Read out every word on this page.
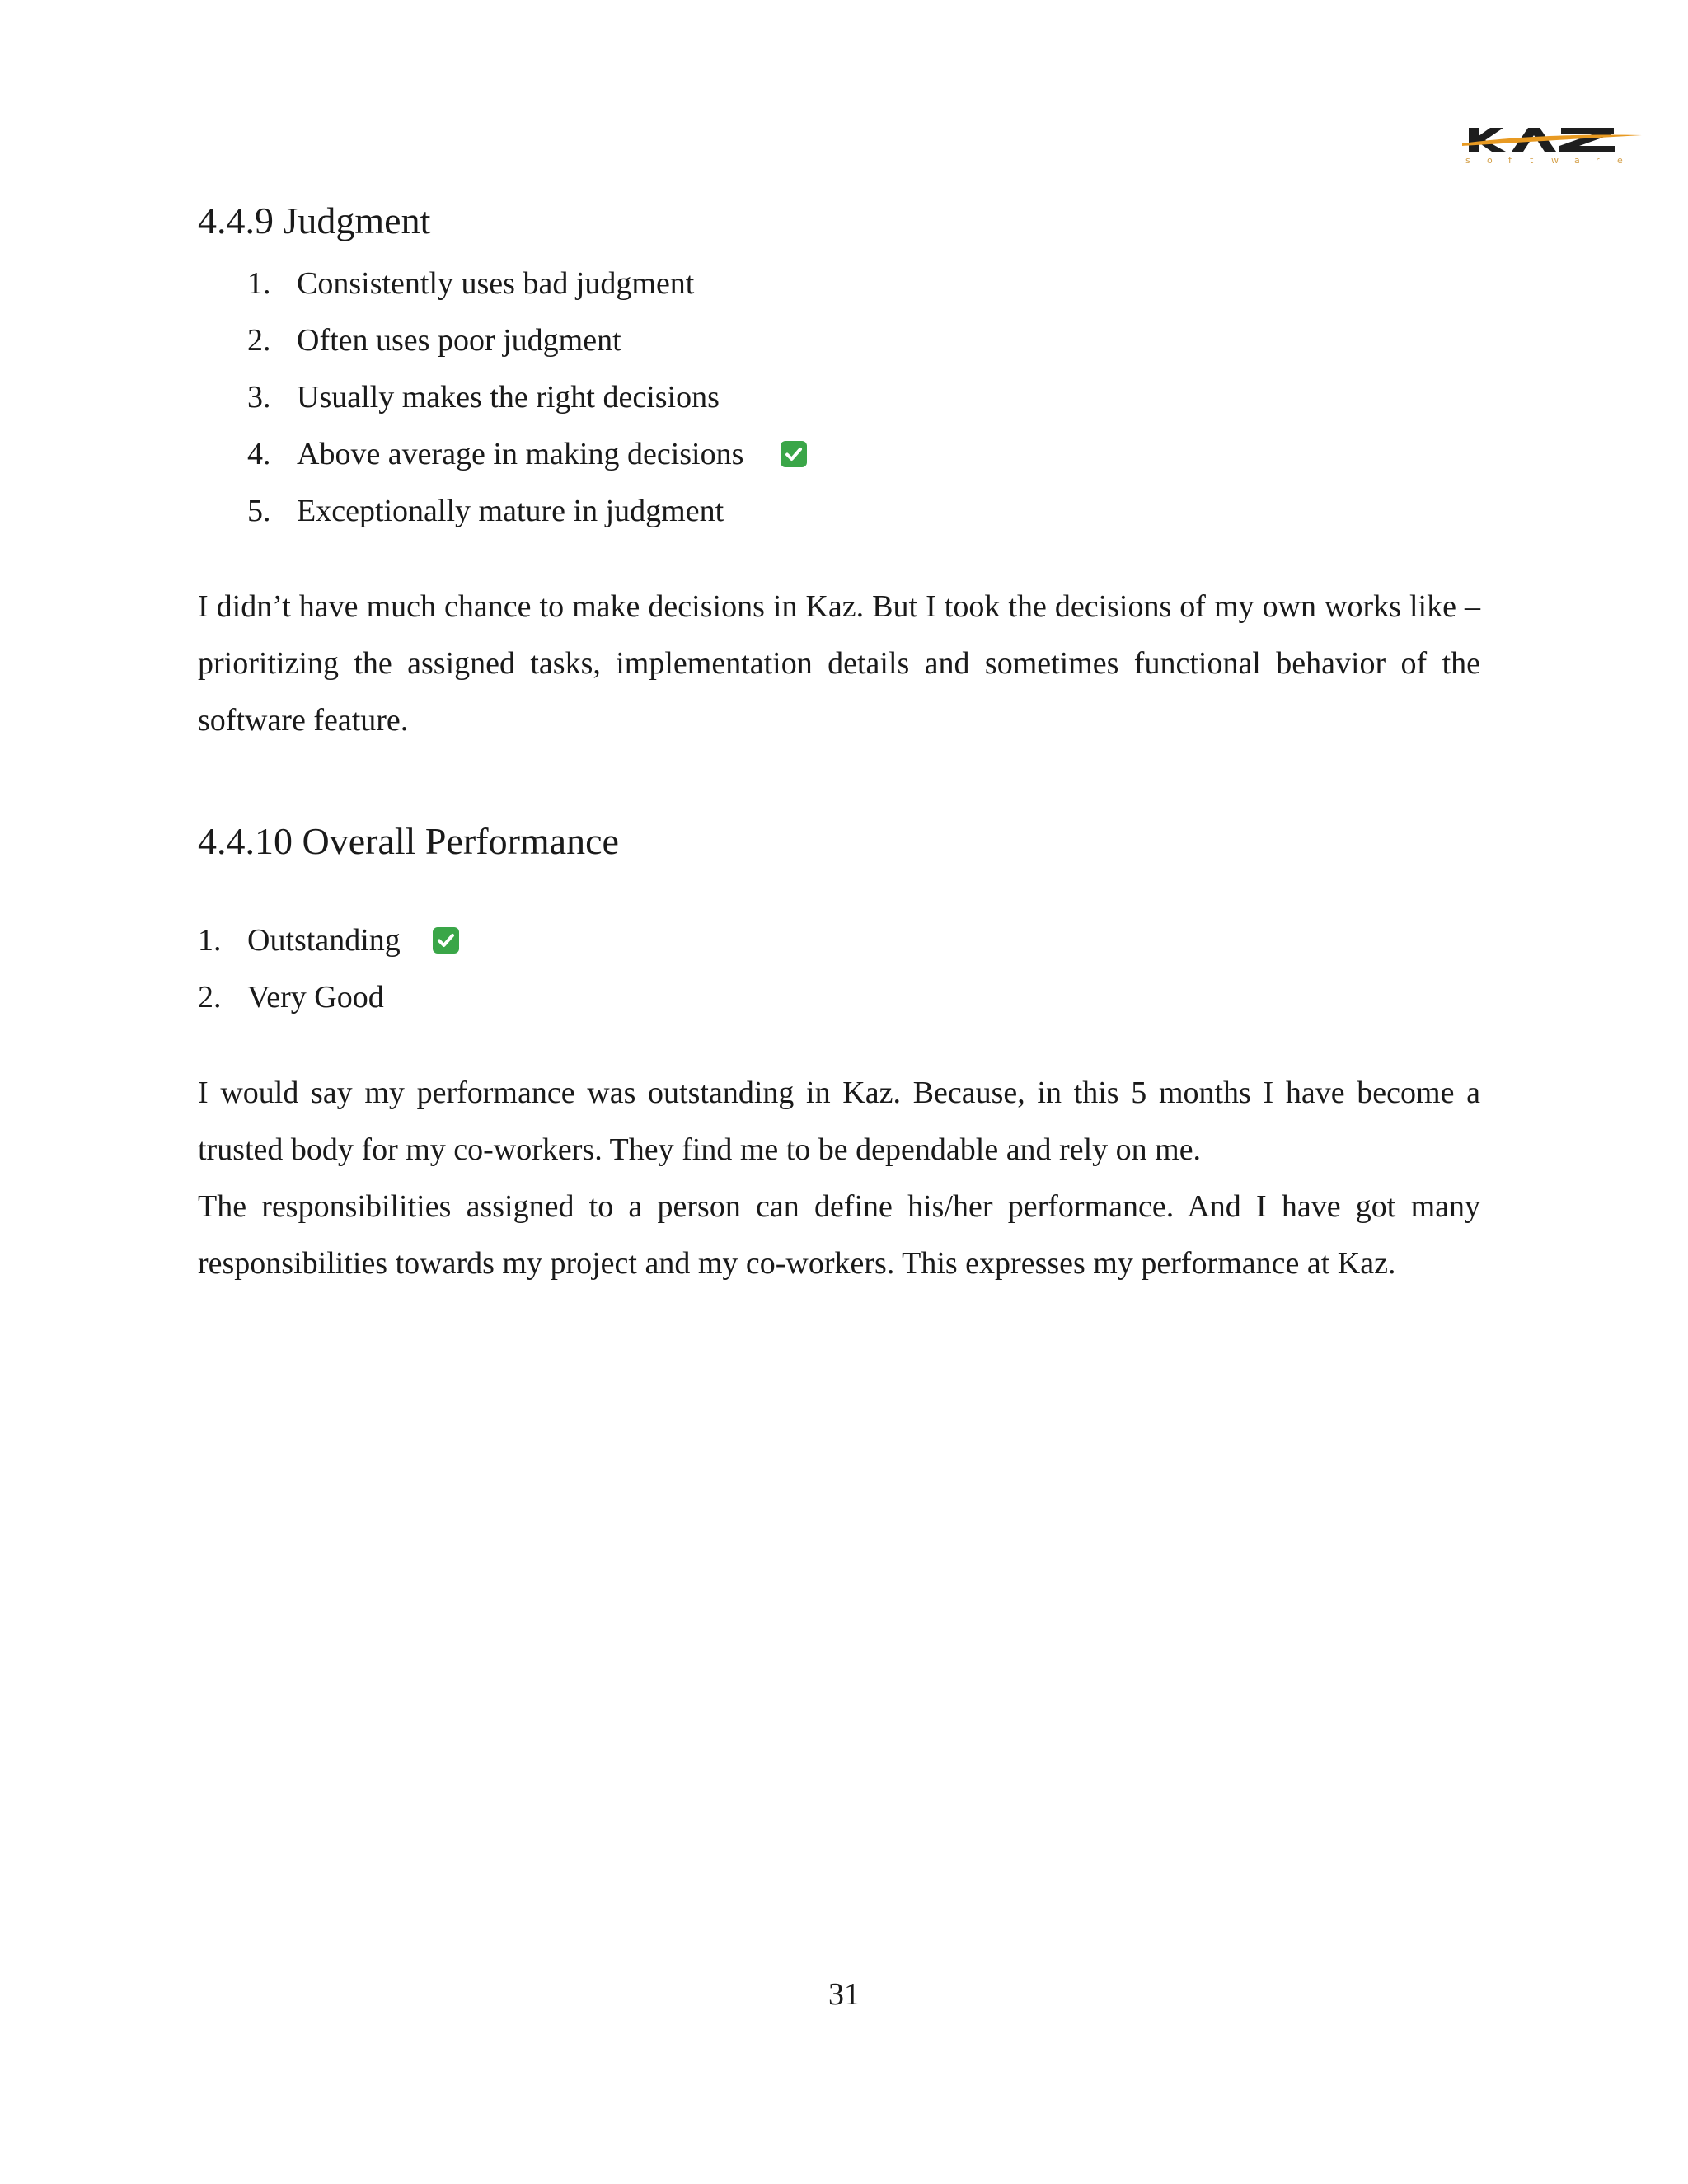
s o f t w a r e
4.4.9 Judgment
1. Consistently uses bad judgment
2. Often uses poor judgment
3. Usually makes the right decisions
4. Above average in making decisions
5. Exceptionally mature in judgment

I didn’t have much chance to make decisions in Kaz. But I took the decisions of my own works like – prioritizing the assigned tasks, implementation details and sometimes functional behavior of the software feature.

4.4.10 Overall Performance
1. Outstanding
2. Very Good

I would say my performance was outstanding in Kaz. Because, in this 5 months I have become a trusted body for my co-workers. They find me to be dependable and rely on me.

The responsibilities assigned to a person can define his/her performance. And I have got many responsibilities towards my project and my co-workers. This expresses my performance at Kaz.

31
